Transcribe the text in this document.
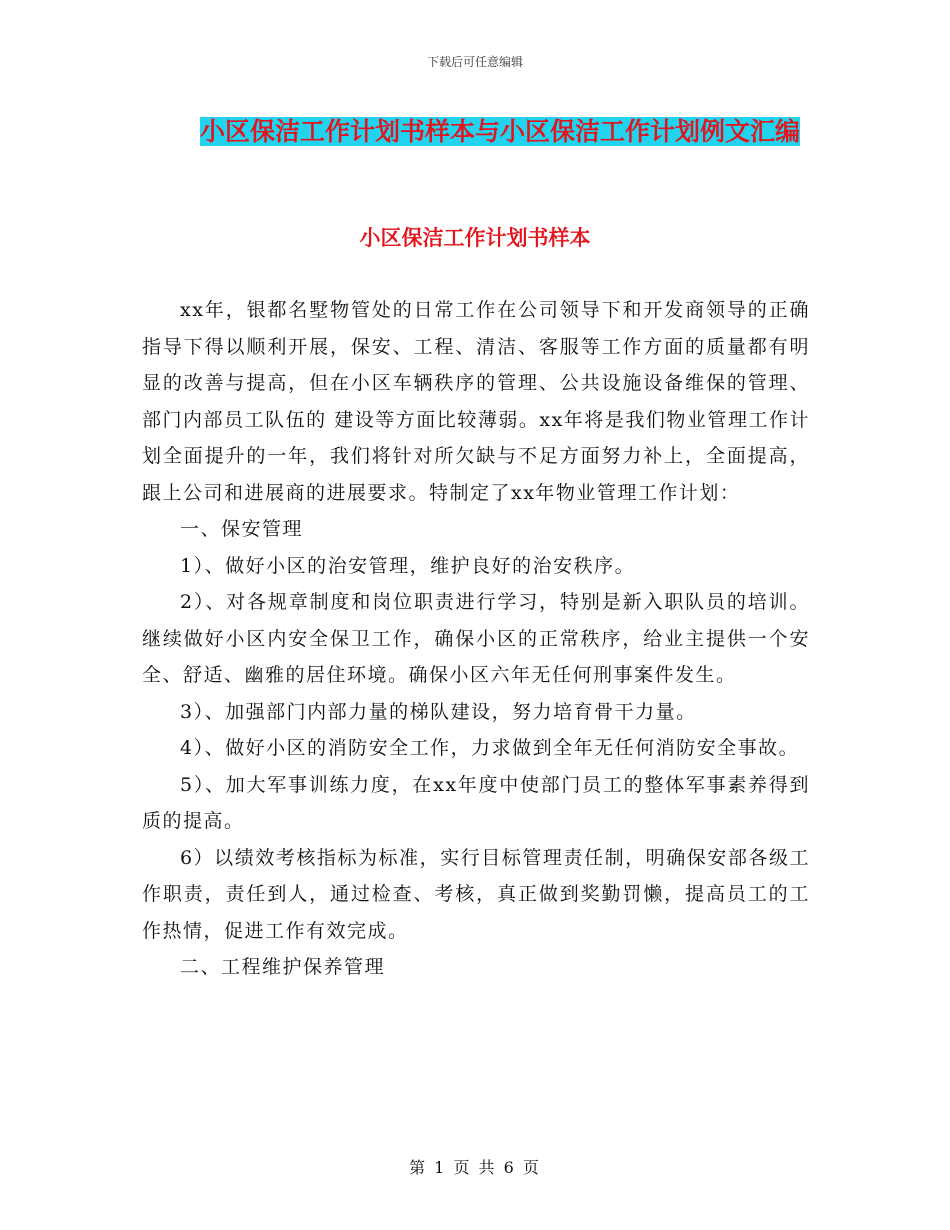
下载后可任意编辑
小区保洁工作计划书样本与小区保洁工作计划例文汇编
小区保洁工作计划书样本

xx年，银都名墅物管处的日常工作在公司领导下和开发商领导的正确指导下得以顺利开展，保安、工程、清洁、客服等工作方面的质量都有明显的改善与提高，但在小区车辆秩序的管理、公共设施设备维保的管理、部门内部员工队伍的 建设等方面比较薄弱。xx年将是我们物业管理工作计划全面提升的一年，我们将针对所欠缺与不足方面努力补上，全面提高，跟上公司和进展商的进展要求。特制定了xx年物业管理工作计划：

一、保安管理

1）、做好小区的治安管理，维护良好的治安秩序。

2）、对各规章制度和岗位职责进行学习，特别是新入职队员的培训。 继续做好小区内安全保卫工作，确保小区的正常秩序，给业主提供一个安全、舒适、幽雅的居住环境。确保小区六年无任何刑事案件发生。

3）、加强部门内部力量的梯队建设，努力培育骨干力量。

4）、做好小区的消防安全工作，力求做到全年无任何消防安全事故。

5）、加大军事训练力度，在xx年度中使部门员工的整体军事素养得到质的提高。

6）以绩效考核指标为标准，实行目标管理责任制，明确保安部各级工作职责，责任到人，通过检查、考核，真正做到奖勤罚懒，提高员工的工作热情，促进工作有效完成。

二、工程维护保养管理

第 1 页 共 6 页
